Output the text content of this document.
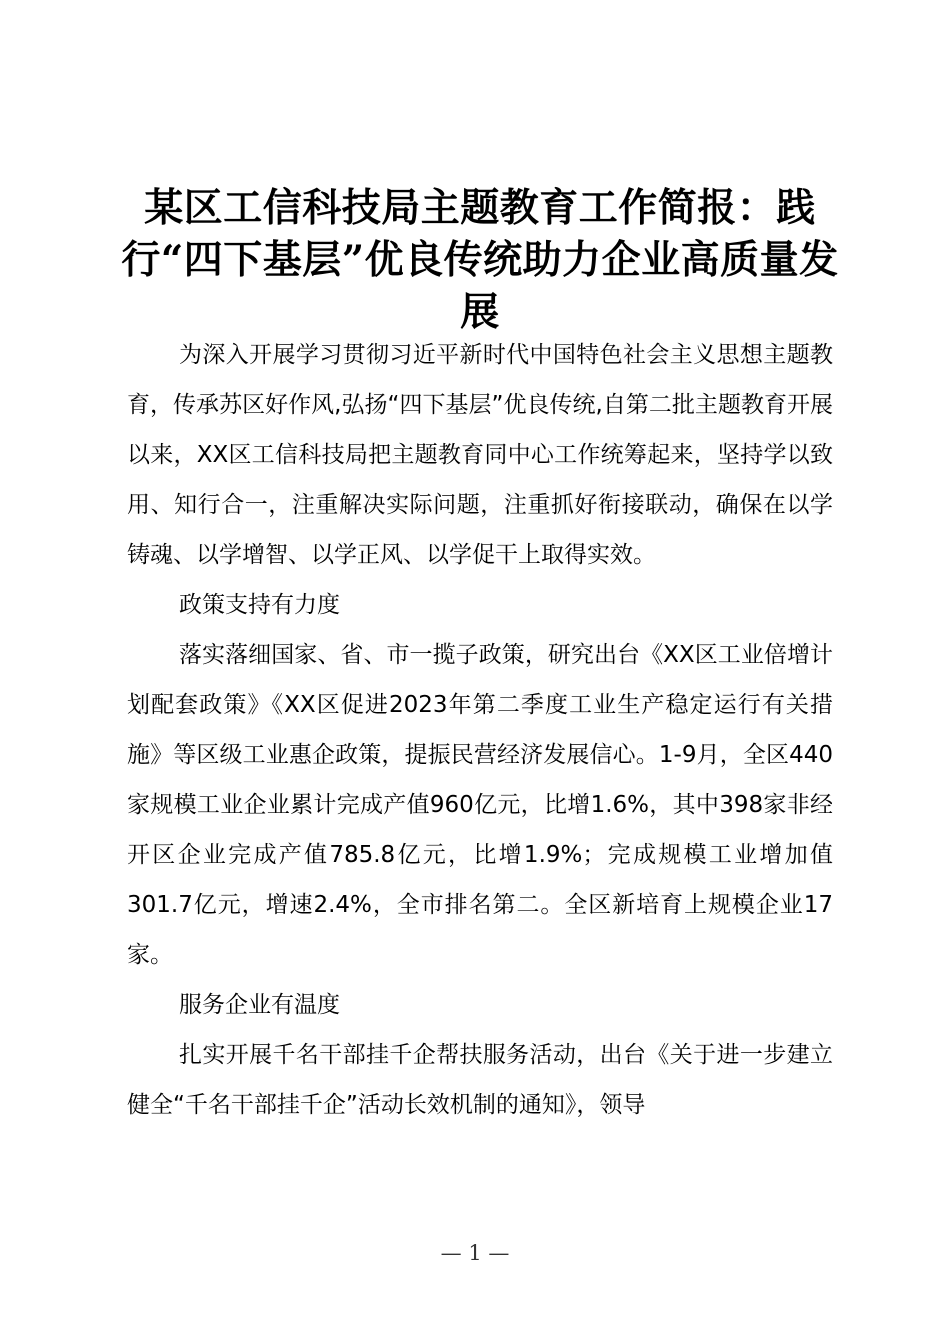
某区工信科技局主题教育工作简报：践行“四下基层”优良传统助力企业高质量发展

为深入开展学习贯彻习近平新时代中国特色社会主义思想主题教育，传承苏区好作风,弘扬“四下基层”优良传统,自第二批主题教育开展以来，XX区工信科技局把主题教育同中心工作统筹起来，坚持学以致用、知行合一，注重解决实际问题，注重抓好衔接联动，确保在以学铸魂、以学增智、以学正风、以学促干上取得实效。

政策支持有力度

落实落细国家、省、市一揽子政策，研究出台《XX区工业倍增计划配套政策》《XX区促进2023年第二季度工业生产稳定运行有关措施》等区级工业惠企政策，提振民营经济发展信心。1-9月，全区440家规模工业企业累计完成产值960亿元，比增1.6%，其中398家非经开区企业完成产值785.8亿元，比增1.9%；完成规模工业增加值301.7亿元，增速2.4%，全市排名第二。全区新培育上规模企业17家。

服务企业有温度

扎实开展千名干部挂千企帮扶服务活动，出台《关于进一步建立健全“千名干部挂千企”活动长效机制的通知》，领导

— 1 —
